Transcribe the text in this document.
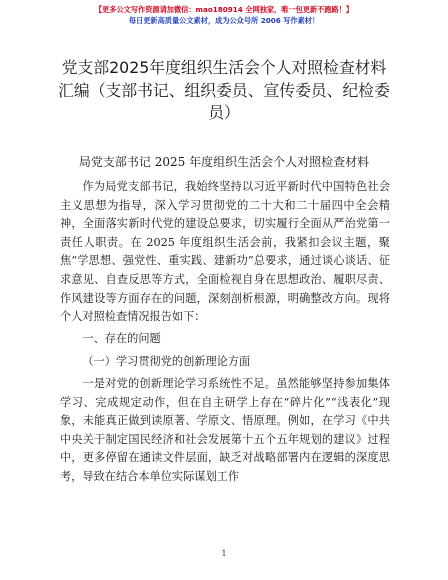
【更多公文写作资源请加微信：mao180914 全网独家，唯一包更新不跑路！】
每日更新高质量公文素材，成为公众号所 2006 写作素材！
党支部2025年度组织生活会个人对照检查材料汇编（支部书记、组织委员、宣传委员、纪检委员）
局党支部书记 2025 年度组织生活会个人对照检查材料

作为局党支部书记，我始终坚持以习近平新时代中国特色社会主义思想为指导，深入学习贯彻党的二十大和二十届四中全会精神，全面落实新时代党的建设总要求，切实履行全面从严治党第一责任人职责。在 2025 年度组织生活会前，我紧扣会议主题，聚焦“学思想、强党性、重实践、建新功”总要求，通过谈心谈话、征求意见、自查反思等方式，全面检视自身在思想政治、履职尽责、作风建设等方面存在的问题，深刻剖析根源，明确整改方向。现将个人对照检查情况报告如下：

一、存在的问题

（一）学习贯彻党的创新理论方面

一是对党的创新理论学习系统性不足。虽然能够坚持参加集体学习、完成规定动作，但在自主研学上存在“碎片化”“浅表化”现象，未能真正做到读原著、学原文、悟原理。例如，在学习《中共中央关于制定国民经济和社会发展第十五个五年规划的建议》过程中，更多停留在通读文件层面，缺乏对战略部署内在逻辑的深度思考，导致在结合本单位实际谋划工作

1
